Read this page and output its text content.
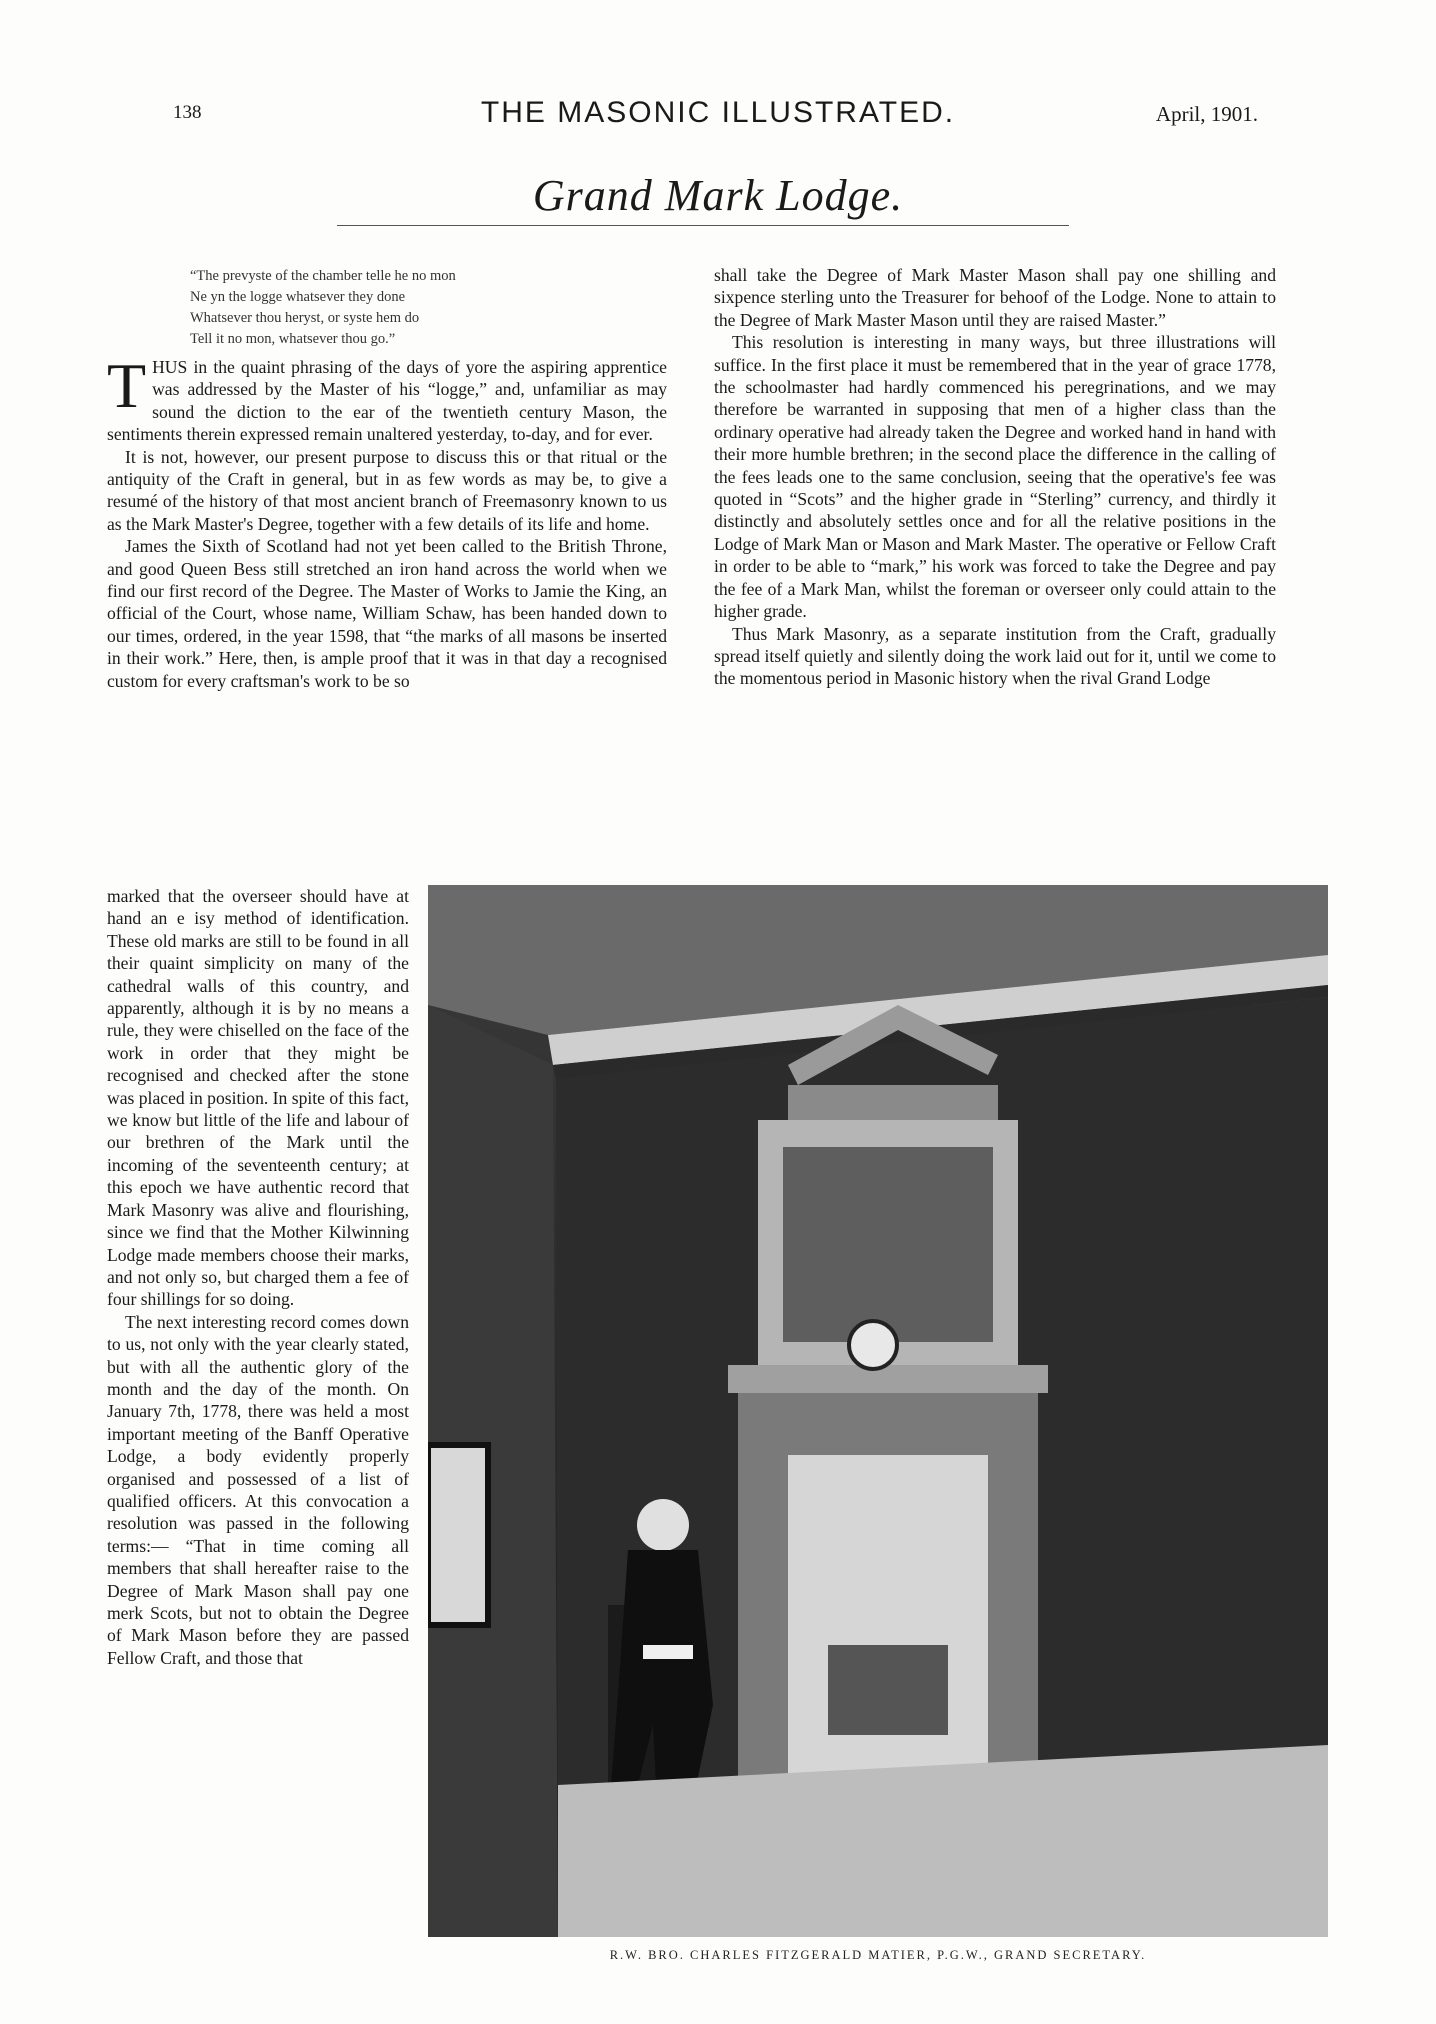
138	THE MASONIC ILLUSTRATED.	April, 1901.
Grand Mark Lodge.
“The prevyste of the chamber telle he no mon
Ne yn the logge whatsever they done
Whatsever thou heryst, or syste hem do
Tell it no mon, whatsever thou go.”

THUS in the quaint phrasing of the days of yore the aspiring apprentice was addressed by the Master of his “logge,” and, unfamiliar as may sound the diction to the ear of the twentieth century Mason, the sentiments therein expressed remain unaltered yesterday, to-day, and for ever.

It is not, however, our present purpose to discuss this or that ritual or the antiquity of the Craft in general, but in as few words as may be, to give a resumé of the history of that most ancient branch of Freemasonry known to us as the Mark Master's Degree, together with a few details of its life and home.

James the Sixth of Scotland had not yet been called to the British Throne, and good Queen Bess still stretched an iron hand across the world when we find our first record of the Degree. The Master of Works to Jamie the King, an official of the Court, whose name, William Schaw, has been handed down to our times, ordered, in the year 1598, that “the marks of all masons be inserted in their work.” Here, then, is ample proof that it was in that day a recognised custom for every craftsman's work to be so

marked that the overseer should have at hand an e isy method of identification. These old marks are still to be found in all their quaint simplicity on many of the cathedral walls of this country, and apparently, although it is by no means a rule, they were chiselled on the face of the work in order that they might be recognised and checked after the stone was placed in position. In spite of this fact, we know but little of the life and labour of our brethren of the Mark until the incoming of the seventeenth century; at this epoch we have authentic record that Mark Masonry was alive and flourishing, since we find that the Mother Kilwinning Lodge made members choose their marks, and not only so, but charged them a fee of four shillings for so doing.

The next interesting record comes down to us, not only with the year clearly stated, but with all the authentic glory of the month and the day of the month. On January 7th, 1778, there was held a most important meeting of the Banff Operative Lodge, a body evidently properly organised and possessed of a list of qualified officers. At this convocation a resolution was passed in the following terms:— “That in time coming all members that shall hereafter raise to the Degree of Mark Mason shall pay one merk Scots, but not to obtain the Degree of Mark Mason before they are passed Fellow Craft, and those that

shall take the Degree of Mark Master Mason shall pay one shilling and sixpence sterling unto the Treasurer for behoof of the Lodge. None to attain to the Degree of Mark Master Mason until they are raised Master.”

This resolution is interesting in many ways, but three illustrations will suffice. In the first place it must be remembered that in the year of grace 1778, the schoolmaster had hardly commenced his peregrinations, and we may therefore be warranted in supposing that men of a higher class than the ordinary operative had already taken the Degree and worked hand in hand with their more humble brethren; in the second place the difference in the calling of the fees leads one to the same conclusion, seeing that the operative's fee was quoted in “Scots” and the higher grade in “Sterling” currency, and thirdly it distinctly and absolutely settles once and for all the relative positions in the Lodge of Mark Man or Mason and Mark Master. The operative or Fellow Craft in order to be able to “mark,” his work was forced to take the Degree and pay the fee of a Mark Man, whilst the foreman or overseer only could attain to the higher grade.

Thus Mark Masonry, as a separate institution from the Craft, gradually spread itself quietly and silently doing the work laid out for it, until we come to the momentous period in Masonic history when the rival Grand Lodge

R.W. BRO. CHARLES FITZGERALD MATIER, P.G.W., GRAND SECRETARY.
